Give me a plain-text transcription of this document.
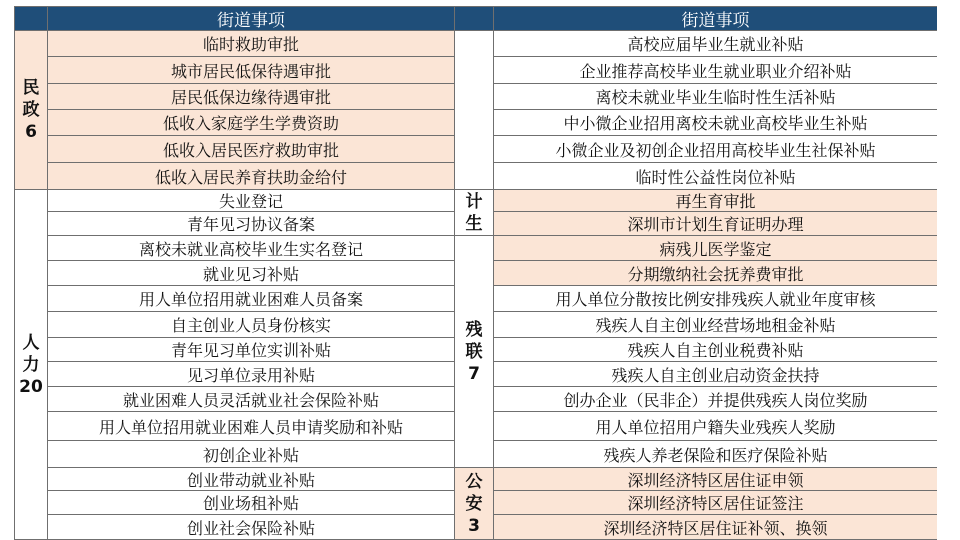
街道事项	街道事项
民
政
6
人
力
20
临时救助审批
城市居民低保待遇审批
居民低保边缘待遇审批
低收入家庭学生学费资助
低收入居民医疗救助审批
低收入居民养育扶助金给付
失业登记
青年见习协议备案
离校未就业高校毕业生实名登记
就业见习补贴
用人单位招用就业困难人员备案
自主创业人员身份核实
青年见习单位实训补贴
见习单位录用补贴
就业困难人员灵活就业社会保险补贴
用人单位招用就业困难人员申请奖励和补贴
初创企业补贴
创业带动就业补贴
创业场租补贴
创业社会保险补贴
计
生
残
联
7
公
安
3
高校应届毕业生就业补贴
企业推荐高校毕业生就业职业介绍补贴
离校未就业毕业生临时性生活补贴
中小微企业招用离校未就业高校毕业生补贴
小微企业及初创企业招用高校毕业生社保补贴
临时性公益性岗位补贴
再生育审批
深圳市计划生育证明办理
病残儿医学鉴定
分期缴纳社会抚养费审批
用人单位分散按比例安排残疾人就业年度审核
残疾人自主创业经营场地租金补贴
残疾人自主创业税费补贴
残疾人自主创业启动资金扶持
创办企业（民非企）并提供残疾人岗位奖励
用人单位招用户籍失业残疾人奖励
残疾人养老保险和医疗保险补贴
深圳经济特区居住证申领
深圳经济特区居住证签注
深圳经济特区居住证补领、换领
